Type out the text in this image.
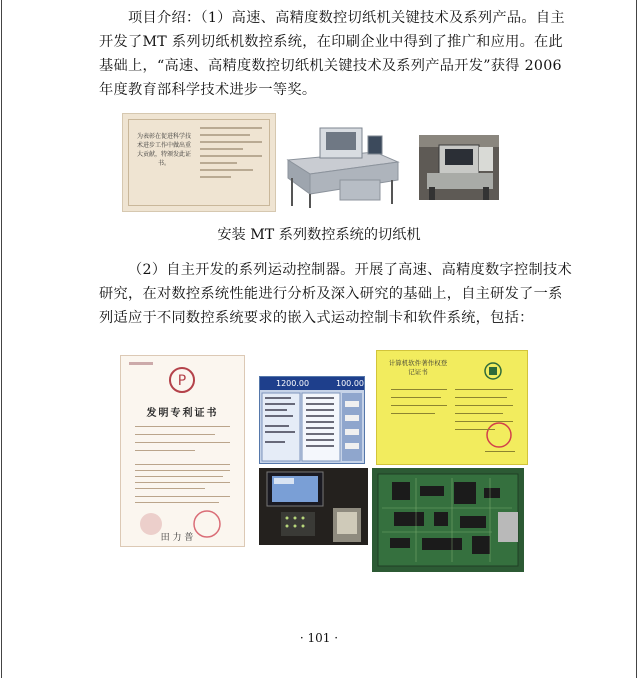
项目介绍：（1）高速、高精度数控切纸机关键技术及系列产品。自主开发了MT 系列切纸机数控系统，在印刷企业中得到了推广和应用。在此基础上，“高速、高精度数控切纸机关键技术及系列产品开发”获得 2006 年度教育部科学技术进步一等奖。
为表彰在促进科学技术进步工作中做出重大贡献，特颁发此证书。
安装 MT 系列数控系统的切纸机
（2）自主开发的系列运动控制器。开展了高速、高精度数字控制技术研究，在对数控系统性能进行分析及深入研究的基础上，自主研发了一系列适应于不同数控系统要求的嵌入式运动控制卡和软件系统，包括：
P
发明专利证书
田 力 普
1200.00	100.00
计算机软件著作权登记证书
· 101 ·
